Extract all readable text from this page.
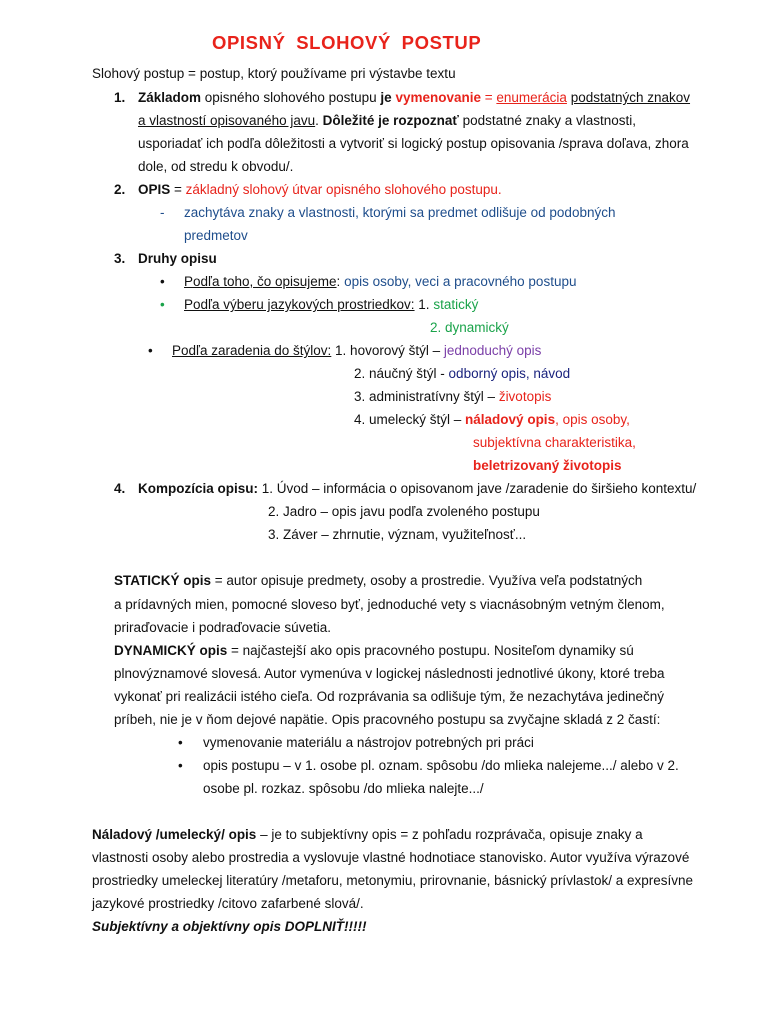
OPISNÝ SLOHOVÝ POSTUP
Slohový postup = postup, ktorý používame pri výstavbe textu
1. Základom opisného slohového postupu je vymenovanie = enumerácia podstatných znakov
a vlastností opisovaného javu. Dôležité je rozpoznať podstatné znaky a vlastnosti,
usporiadať ich podľa dôležitosti a vytvoriť si logický postup opisovania /sprava doľava, zhora
dole, od stredu k obvodu/.
2. OPIS = základný slohový útvar opisného slohového postupu.
- zachytáva znaky a vlastnosti, ktorými sa predmet odlišuje od podobných
predmetov
3. Druhy opisu
• Podľa toho, čo opisujeme: opis osoby, veci a pracovného postupu
• Podľa výberu jazykových prostriedkov: 1. statický
2. dynamický
• Podľa zaradenia do štýlov: 1. hovorový štýl – jednoduchý opis
2. náučný štýl - odborný opis, návod
3. administratívny štýl – životopis
4. umelecký štýl – náladový opis, opis osoby,
subjektívna charakteristika,
beletrizovaný životopis
4. Kompozícia opisu: 1. Úvod – informácia o opisovanom jave /zaradenie do širšieho kontextu/
2. Jadro – opis javu podľa zvoleného postupu
3. Záver – zhrnutie, význam, využiteľnosť...
STATICKÝ opis = autor opisuje predmety, osoby a prostredie. Využíva veľa podstatných
a prídavných mien, pomocné sloveso byť, jednoduché vety s viacnásobným vetným členom,
priraďovacie i podraďovacie súvetia.
DYNAMICKÝ opis = najčastejší ako opis pracovného postupu. Nositeľom dynamiky sú
plnovýznamové slovesá. Autor vymenúva v logickej následnosti jednotlivé úkony, ktoré treba
vykonať pri realizácii istého cieľa. Od rozprávania sa odlišuje tým, že nezachytáva jedinečný
príbeh, nie je v ňom dejové napätie. Opis pracovného postupu sa zvyčajne skladá z 2 častí:
• vymenovanie materiálu a nástrojov potrebných pri práci
• opis postupu – v 1. osobe pl. oznam. spôsobu /do mlieka nalejeme.../ alebo v 2.
osobe pl. rozkaz. spôsobu /do mlieka nalejte.../
Náladový /umelecký/ opis – je to subjektívny opis = z pohľadu rozprávača, opisuje znaky a
vlastnosti osoby alebo prostredia a vyslovuje vlastné hodnotiace stanovisko. Autor využíva výrazové
prostriedky umeleckej literatúry /metaforu, metonymiu, prirovnanie, básnický prívlastok/ a expresívne
jazykové prostriedky /citovo zafarbené slová/.
Subjektívny a objektívny opis DOPLNIŤ!!!!!
